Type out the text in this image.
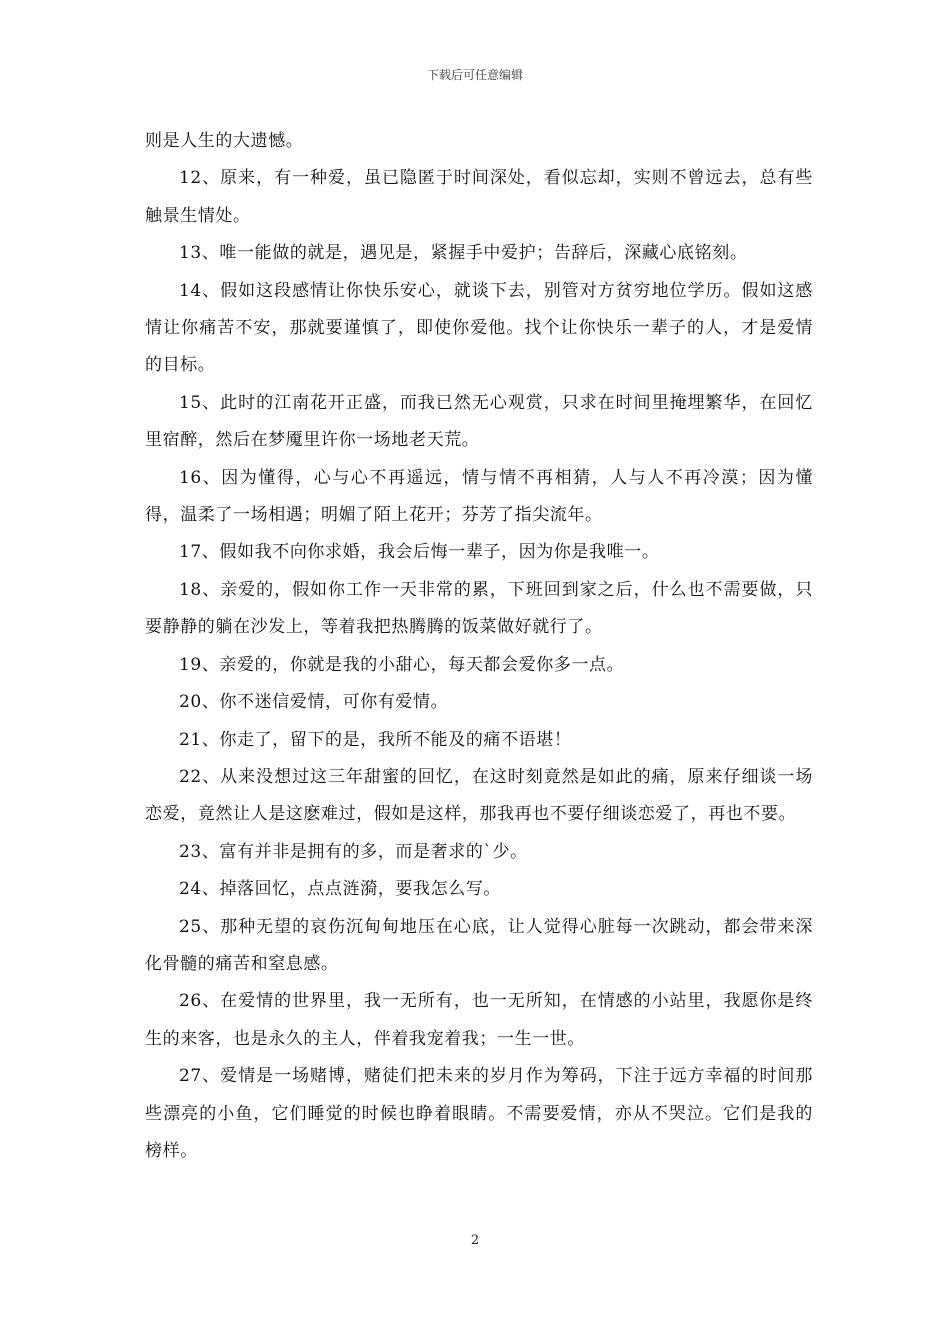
下载后可任意编辑

则是人生的大遗憾。

12、原来，有一种爱，虽已隐匿于时间深处，看似忘却，实则不曾远去，总有些触景生情处。

13、唯一能做的就是，遇见是，紧握手中爱护；告辞后，深藏心底铭刻。

14、假如这段感情让你快乐安心，就谈下去，别管对方贫穷地位学历。假如这感情让你痛苦不安，那就要谨慎了，即使你爱他。找个让你快乐一辈子的人，才是爱情的目标。

15、此时的江南花开正盛，而我已然无心观赏，只求在时间里掩埋繁华，在回忆里宿醉，然后在梦魇里许你一场地老天荒。

16、因为懂得，心与心不再遥远，情与情不再相猜，人与人不再冷漠；因为懂得，温柔了一场相遇；明媚了陌上花开；芬芳了指尖流年。

17、假如我不向你求婚，我会后悔一辈子，因为你是我唯一。

18、亲爱的，假如你工作一天非常的累，下班回到家之后，什么也不需要做，只要静静的躺在沙发上，等着我把热腾腾的饭菜做好就行了。

19、亲爱的，你就是我的小甜心，每天都会爱你多一点。

20、你不迷信爱情，可你有爱情。

21、你走了，留下的是，我所不能及的痛不语堪！

22、从来没想过这三年甜蜜的回忆，在这时刻竟然是如此的痛，原来仔细谈一场恋爱，竟然让人是这麽难过，假如是这样，那我再也不要仔细谈恋爱了，再也不要。

23、富有并非是拥有的多，而是奢求的`少。

24、掉落回忆，点点涟漪，要我怎么写。

25、那种无望的哀伤沉甸甸地压在心底，让人觉得心脏每一次跳动，都会带来深化骨髓的痛苦和窒息感。

26、在爱情的世界里，我一无所有，也一无所知，在情感的小站里，我愿你是终生的来客，也是永久的主人，伴着我宠着我；一生一世。

27、爱情是一场赌博，赌徒们把未来的岁月作为筹码，下注于远方幸福的时间那些漂亮的小鱼，它们睡觉的时候也睁着眼睛。不需要爱情，亦从不哭泣。它们是我的榜样。

2
